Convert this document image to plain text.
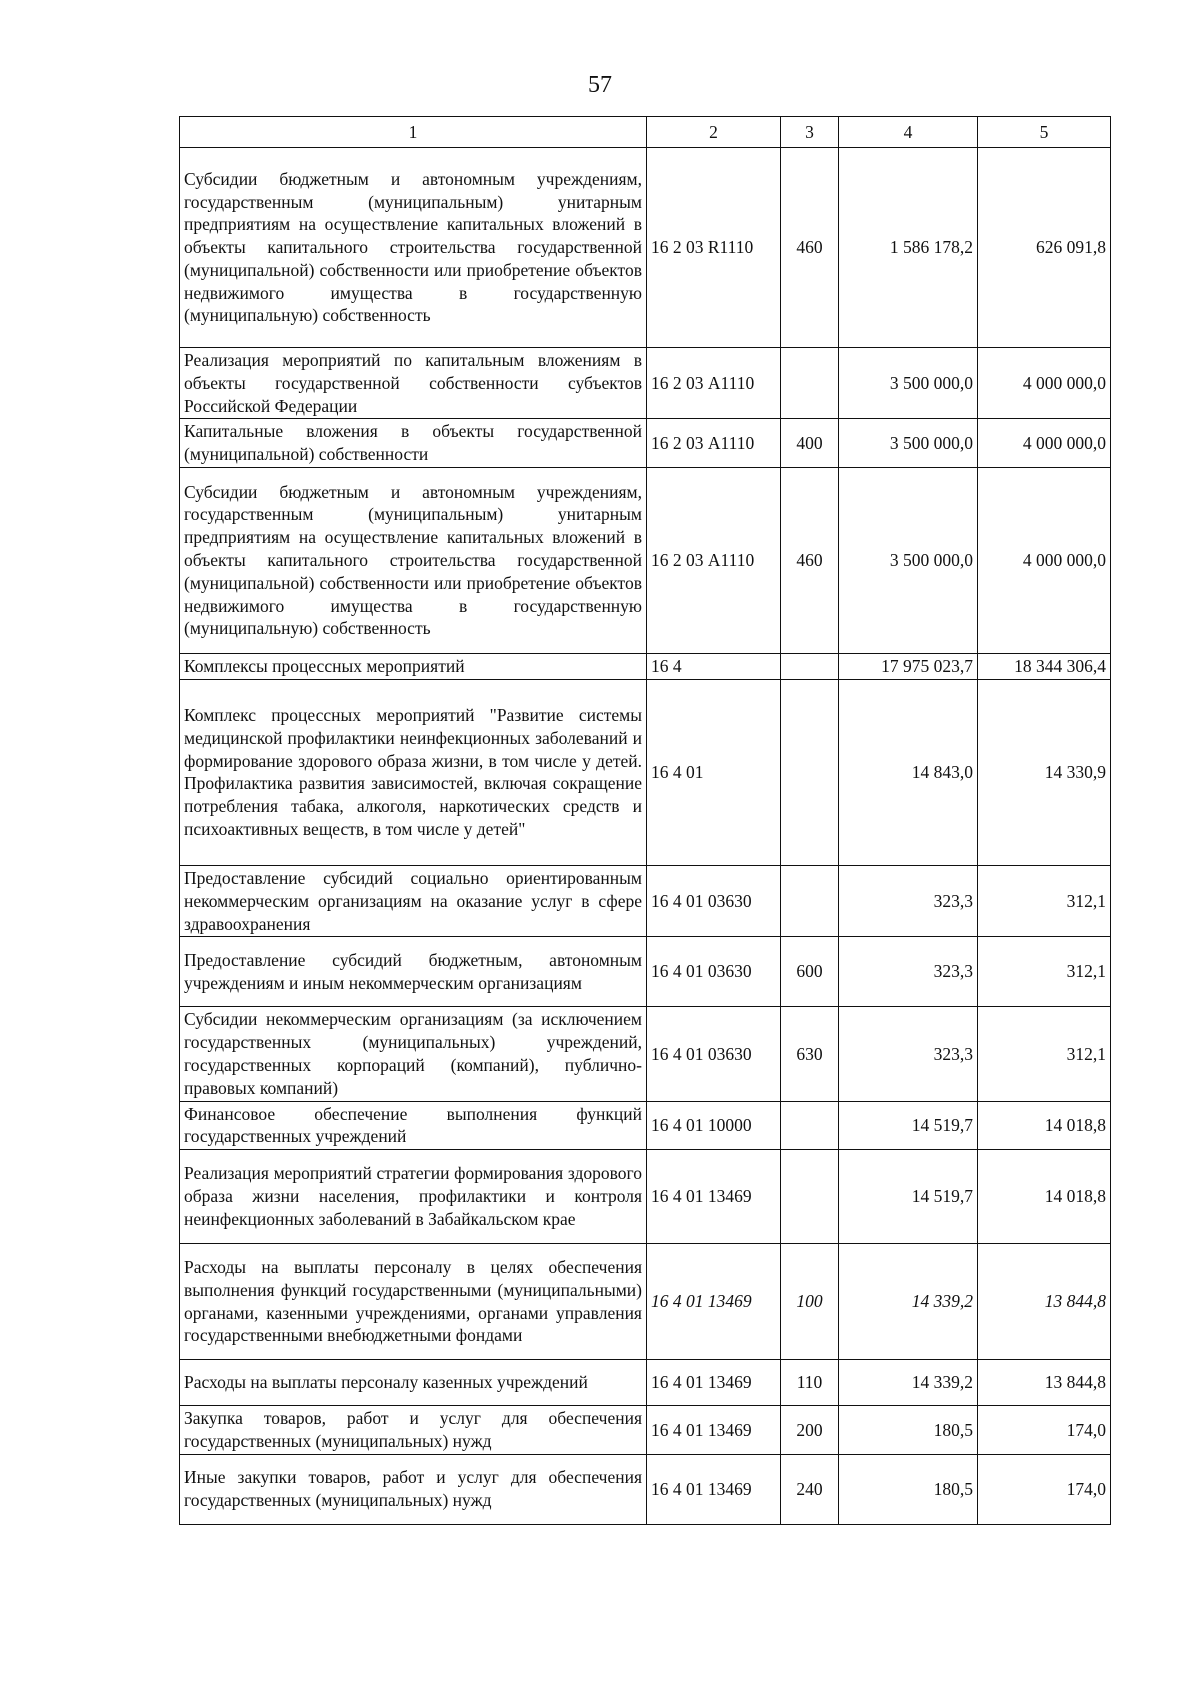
57
1	2	3	4	5
Субсидии бюджетным и автономным учреждениям, государственным (муниципальным) унитарным предприятиям на осуществление капитальных вложений в объекты капитального строительства государственной (муниципальной) собственности или приобретение объектов недвижимого имущества в государственную (муниципальную) собственность	16 2 03 R1110	460	1 586 178,2	626 091,8
Реализация мероприятий по капитальным вложениям в объекты государственной собственности субъектов Российской Федерации	16 2 03 А1110		3 500 000,0	4 000 000,0
Капитальные вложения в объекты государственной (муниципальной) собственности	16 2 03 А1110	400	3 500 000,0	4 000 000,0
Субсидии бюджетным и автономным учреждениям, государственным (муниципальным) унитарным предприятиям на осуществление капитальных вложений в объекты капитального строительства государственной (муниципальной) собственности или приобретение объектов недвижимого имущества в государственную (муниципальную) собственность	16 2 03 А1110	460	3 500 000,0	4 000 000,0
Комплексы процессных мероприятий	16 4		17 975 023,7	18 344 306,4
Комплекс процессных мероприятий "Развитие системы медицинской профилактики неинфекционных заболеваний и формирование здорового образа жизни, в том числе у детей. Профилактика развития зависимостей, включая сокращение потребления табака, алкоголя, наркотических средств и психоактивных веществ, в том числе у детей"	16 4 01		14 843,0	14 330,9
Предоставление субсидий социально ориентированным некоммерческим организациям на оказание услуг в сфере здравоохранения	16 4 01 03630		323,3	312,1
Предоставление субсидий бюджетным, автономным учреждениям и иным некоммерческим организациям	16 4 01 03630	600	323,3	312,1
Субсидии некоммерческим организациям (за исключением государственных (муниципальных) учреждений, государственных корпораций (компаний), публично-правовых компаний)	16 4 01 03630	630	323,3	312,1
Финансовое обеспечение выполнения функций государственных учреждений	16 4 01 10000		14 519,7	14 018,8
Реализация мероприятий стратегии формирования здорового образа жизни населения, профилактики и контроля неинфекционных заболеваний в Забайкальском крае	16 4 01 13469		14 519,7	14 018,8
Расходы на выплаты персоналу в целях обеспечения выполнения функций государственными (муниципальными) органами, казенными учреждениями, органами управления государственными внебюджетными фондами	16 4 01 13469	100	14 339,2	13 844,8
Расходы на выплаты персоналу казенных учреждений	16 4 01 13469	110	14 339,2	13 844,8
Закупка товаров, работ и услуг для обеспечения государственных (муниципальных) нужд	16 4 01 13469	200	180,5	174,0
Иные закупки товаров, работ и услуг для обеспечения государственных (муниципальных) нужд	16 4 01 13469	240	180,5	174,0
